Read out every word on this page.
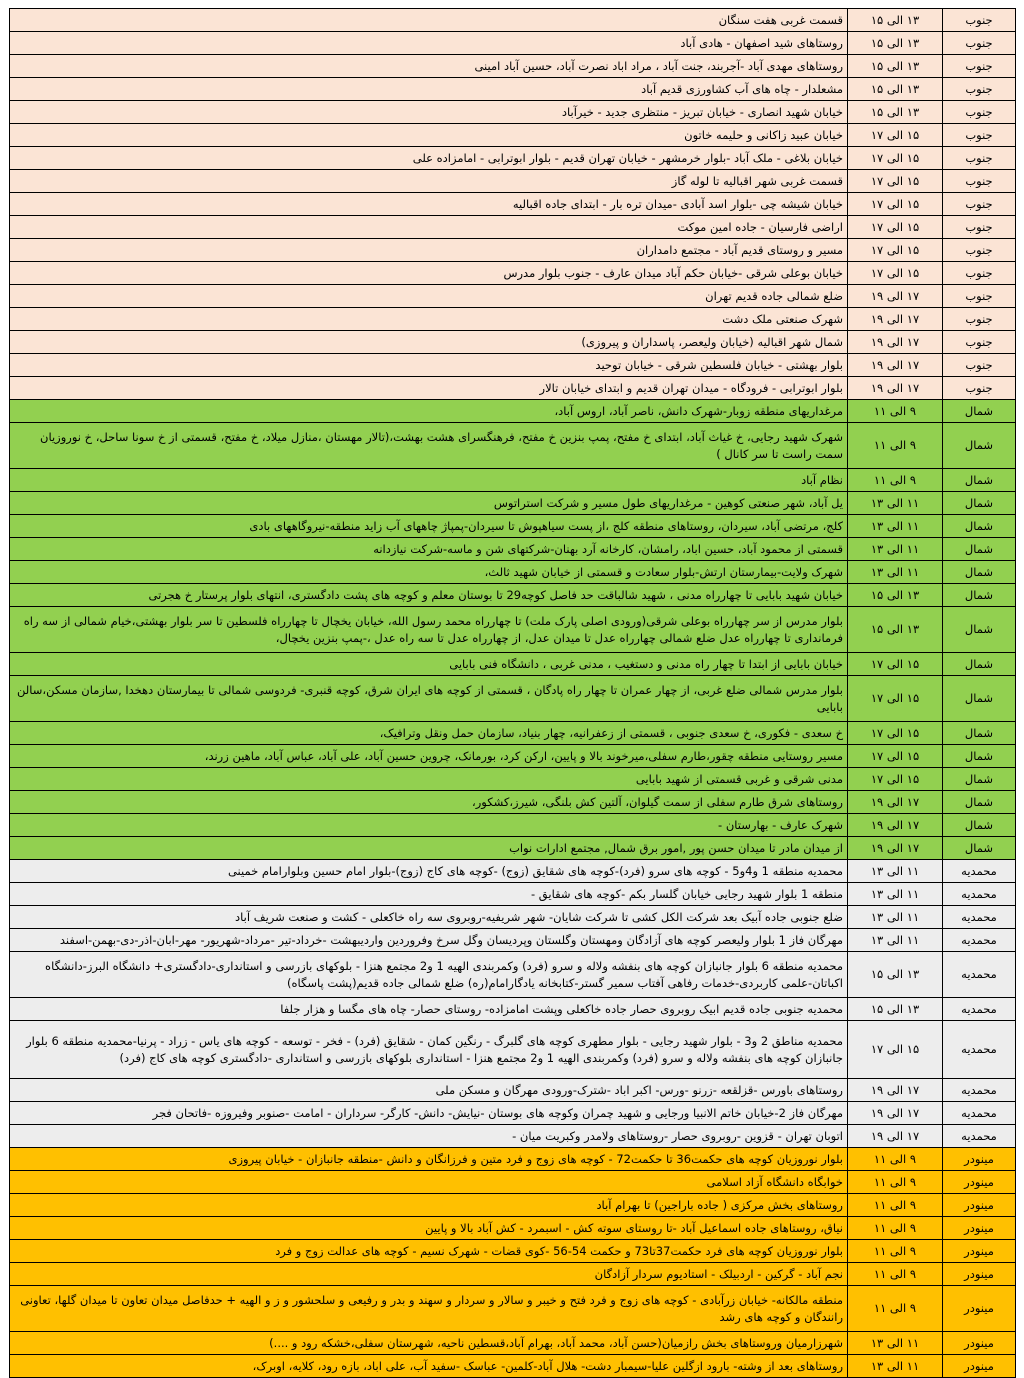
جنوب	۱۳ الی ۱۵	قسمت غربی هفت سنگان
جنوب	۱۳ الی ۱۵	روستاهای شید اصفهان - هادی آباد
جنوب	۱۳ الی ۱۵	روستاهای مهدی آباد -آجربند، جنت آباد ، مراد اباد نصرت آباد، حسین آباد امینی
جنوب	۱۳ الی ۱۵	مشعلدار - چاه های آب کشاورزی قدیم آباد
جنوب	۱۳ الی ۱۵	خیابان شهید انصاری - خیابان تبریز - منتظری جدید - خیرآباد
جنوب	۱۵ الی ۱۷	خیابان عبید زاکانی و حلیمه خاتون
جنوب	۱۵ الی ۱۷	خیابان بلاغی - ملک آباد -بلوار خرمشهر - خیابان تهران قدیم - بلوار ابوترابی - امامزاده علی
جنوب	۱۵ الی ۱۷	قسمت غربی شهر اقبالیه تا لوله گاز
جنوب	۱۵ الی ۱۷	خیابان شیشه چی -بلوار اسد آبادی -میدان تره بار - ابتدای جاده اقبالیه
جنوب	۱۵ الی ۱۷	اراضی فارسیان - جاده امین موکت
جنوب	۱۵ الی ۱۷	مسیر و روستای قدیم آباد - مجتمع دامداران
جنوب	۱۵ الی ۱۷	خیابان بوعلی شرقی -خیابان حکم آباد میدان عارف - جنوب بلوار مدرس
جنوب	۱۷ الی ۱۹	ضلع شمالی جاده قدیم تهران
جنوب	۱۷ الی ۱۹	شهرک صنعتی ملک دشت
جنوب	۱۷ الی ۱۹	شمال شهر اقبالیه (خیابان ولیعصر، پاسداران و پیروزی)
جنوب	۱۷ الی ۱۹	بلوار بهشتی - خیابان فلسطین شرقی - خیابان توحید
جنوب	۱۷ الی ۱۹	بلوار ابوترابی - فرودگاه - میدان تهران قدیم و ابتدای خیابان تالار
شمال	۹ الی ۱۱	مرغداریهای منطقه زوبار-شهرک دانش، ناصر آباد، اروس آباد،
شمال	۹ الی ۱۱	شهرک شهید رجایی، خ غیاث آباد، ابتدای خ مفتح، پمپ بنزین خ مفتح، فرهنگسرای هشت بهشت،(تالار مهستان ،منازل میلاد، خ مفتح، قسمتی از خ سونا ساحل، خ نوروزیان سمت راست تا سر کانال )
شمال	۹ الی ۱۱	نظام آباد
شمال	۱۱ الی ۱۳	یل آباد، شهر صنعتی کوهین - مرغداریهای طول مسیر و شرکت استراتوس
شمال	۱۱ الی ۱۳	کلج، مرتضی آباد، سیردان، روستاهای منطقه کلج ،از پست سیاهپوش تا سیردان-پمپاژ چاههای آب زاید منطقه-نیروگاههای بادی
شمال	۱۱ الی ۱۳	قسمتی از محمود آباد، حسین اباد، رامشان، کارخانه آرد بهنان-شرکتهای شن و ماسه-شرکت نیازدانه
شمال	۱۱ الی ۱۳	شهرک ولایت-بیمارستان ارتش-بلوار سعادت و قسمتی از خیابان شهید ثالث،
شمال	۱۳ الی ۱۵	خیابان شهید بابایی تا چهارراه مدنی ، شهید شالباقت حد فاصل کوچه29 تا بوستان معلم و کوچه های پشت دادگستری، انتهای بلوار پرستار خ هجرتی
شمال	۱۳ الی ۱۵	بلوار مدرس از سر چهارراه بوعلی شرقی(ورودی اصلی پارک ملت) تا چهارراه محمد رسول الله، خیابان یخچال تا چهارراه فلسطین تا سر بلوار بهشتی،خیام شمالی از سه راه فرمانداری تا چهارراه عدل ضلع شمالی چهارراه عدل تا میدان عدل، از چهارراه عدل تا سه راه عدل ،-پمپ بنزین یخچال،
شمال	۱۵ الی ۱۷	خیابان بابایی از ابتدا تا چهار راه مدنی و دستغیب ، مدنی غربی ، دانشگاه فنی بابایی
شمال	۱۵ الی ۱۷	بلوار مدرس شمالی ضلع غربی، از چهار عمران تا چهار راه پادگان ، قسمتی از کوچه های ایران شرق، کوچه قنبری- فردوسی شمالی تا بیمارستان دهخدا ,سازمان مسکن،سالن بابایی
شمال	۱۵ الی ۱۷	خ سعدی - فکوری، خ سعدی جنوبی ، قسمتی از زعفرانیه، چهار بنیاد، سازمان حمل ونقل وترافیک،
شمال	۱۵ الی ۱۷	مسیر روستایی منطقه چقور،طارم سفلی،میرخوند بالا و پایین، ارکن کرد، بورمانک، چروین حسین آباد، علی آباد، عباس آباد، ماهین زرند،
شمال	۱۵ الی ۱۷	مدنی شرقی و غربی قسمتی از شهید بابایی
شمال	۱۷ الی ۱۹	روستاهای شرق طارم سفلی از سمت گیلوان، آلتین کش بلنگی، شیرز،کشکور،
شمال	۱۷ الی ۱۹	شهرک عارف - بهارستان -
شمال	۱۷ الی ۱۹	از میدان مادر تا میدان حسن پور ,امور برق شمال, مجتمع ادارات نواب
محمدیه	۱۱ الی ۱۳	محمدیه منطقه 1 و4و5 - کوچه های سرو (فرد)-کوچه های شقایق (زوج) -کوچه های کاج (زوج)-بلوار امام حسین وبلوارامام خمینی
محمدیه	۱۱ الی ۱۳	منطقه 1 بلوار شهید رجایی خیابان گلسار بکم -کوچه های شقایق -
محمدیه	۱۱ الی ۱۳	ضلع جنوبی جاده آبیک بعد شرکت الکل کشی تا شرکت شایان- شهر شریفیه-روبروی سه راه خاکعلی - کشت و صنعت شریف آباد
محمدیه	۱۱ الی ۱۳	مهرگان فاز 1 بلوار ولیعصر کوچه های آزادگان ومهستان وگلستان وپردیسان وگل سرخ وفروردین واردیبهشت -خرداد-تیر -مرداد-شهریور- مهر-ابان-اذر-دی-بهمن-اسفند
محمدیه	۱۳ الی ۱۵	محمدیه منطقه 6 بلوار جانبازان کوچه های بنفشه ولاله و سرو (فرد) وکمربندی الهیه 1 و2 مجتمع هنزا - بلوکهای بازرسی و استانداری-دادگستری+ دانشگاه البرز-دانشگاه اکباتان-علمی کاربردی-خدمات رفاهی آفتاب سمیر گستر-کتابخانه یادگارامام(ره) ضلع شمالی جاده قدیم(پشت پاسگاه)
محمدیه	۱۳ الی ۱۵	محمدیه جنوبی جاده قدیم ابیک روبروی حصار جاده خاکعلی وپشت امامزاده- روستای حصار- چاه های مگسا و هزار جلفا
محمدیه	۱۵ الی ۱۷	محمدیه مناطق 2 و3 - بلوار شهید رجایی - بلوار مطهری کوچه های گلبرگ - رنگین کمان - شقایق (فرد) - فخر - توسعه - کوچه های یاس - زراد - پرنیا-محمدیه منطقه 6 بلوار جانبازان کوچه های بنفشه ولاله و سرو (فرد) وکمربندی الهیه 1 و2 مجتمع هنزا - استانداری بلوکهای بازرسی و استانداری -دادگستری کوچه های کاج (فرد)
محمدیه	۱۷ الی ۱۹	روستاهای باورس -قزلقعه -زرنو -ورس- اکبر اباد -شترک-ورودی مهرگان و مسکن ملی
محمدیه	۱۷ الی ۱۹	مهرگان فاز 2-خیابان خاتم الانبیا ورجایی و شهید چمران وکوچه های بوستان -نیایش- دانش- کارگر- سرداران - امامت -صنوبر وفیروزه -فاتحان فجر
محمدیه	۱۷ الی ۱۹	اتوبان تهران - قزوین -روبروی حصار -روستاهای ولامدر وکبریت میان -
مینودر	۹ الی ۱۱	بلوار نوروزیان کوچه های حکمت36 تا حکمت72 - کوچه های زوج و فرد متین و فرزانگان و دانش -منطقه جانبازان - خیابان پیروزی
مینودر	۹ الی ۱۱	خوابگاه دانشگاه آزاد اسلامی
مینودر	۹ الی ۱۱	روستاهای بخش مرکزی ( جاده باراجین) تا بهرام آباد
مینودر	۹ الی ۱۱	نیاق، روستاهای جاده اسماعیل آباد -تا روستای سوته کش - اسبمرد - کش آباد بالا و پایین
مینودر	۹ الی ۱۱	بلوار نوروزیان کوچه های فرد حکمت37تا73 و حکمت 54-56 -کوی قضات - شهرک نسیم - کوچه های عدالت زوج و فرد
مینودر	۹ الی ۱۱	نجم آباد - گرکین - اردبیلک - استادیوم سردار آزادگان
مینودر	۹ الی ۱۱	منطقه مالکانه- خیابان زرآبادی - کوچه های زوج و فرد فتح و خیبر و سالار و سردار و سهند و بدر و رفیعی و سلحشور و ز و الهیه + حدفاصل میدان تعاون تا میدان گلها، تعاونی رانندگان و کوچه های رشد
مینودر	۱۱ الی ۱۳	شهرزارمیان وروستاهای بخش رازمیان(حسن آباد، محمد آباد، بهرام آباد،قسطین ناحیه، شهرستان سفلی،خشکه رود و ....)
مینودر	۱۱ الی ۱۳	روستاهای بعد از وشته- بارود ازگلین علیا-سیمبار دشت- هلال آباد-کلمین- عباسک -سفید آب، علی اباد، بازه رود، کلایه، اوبرک،
